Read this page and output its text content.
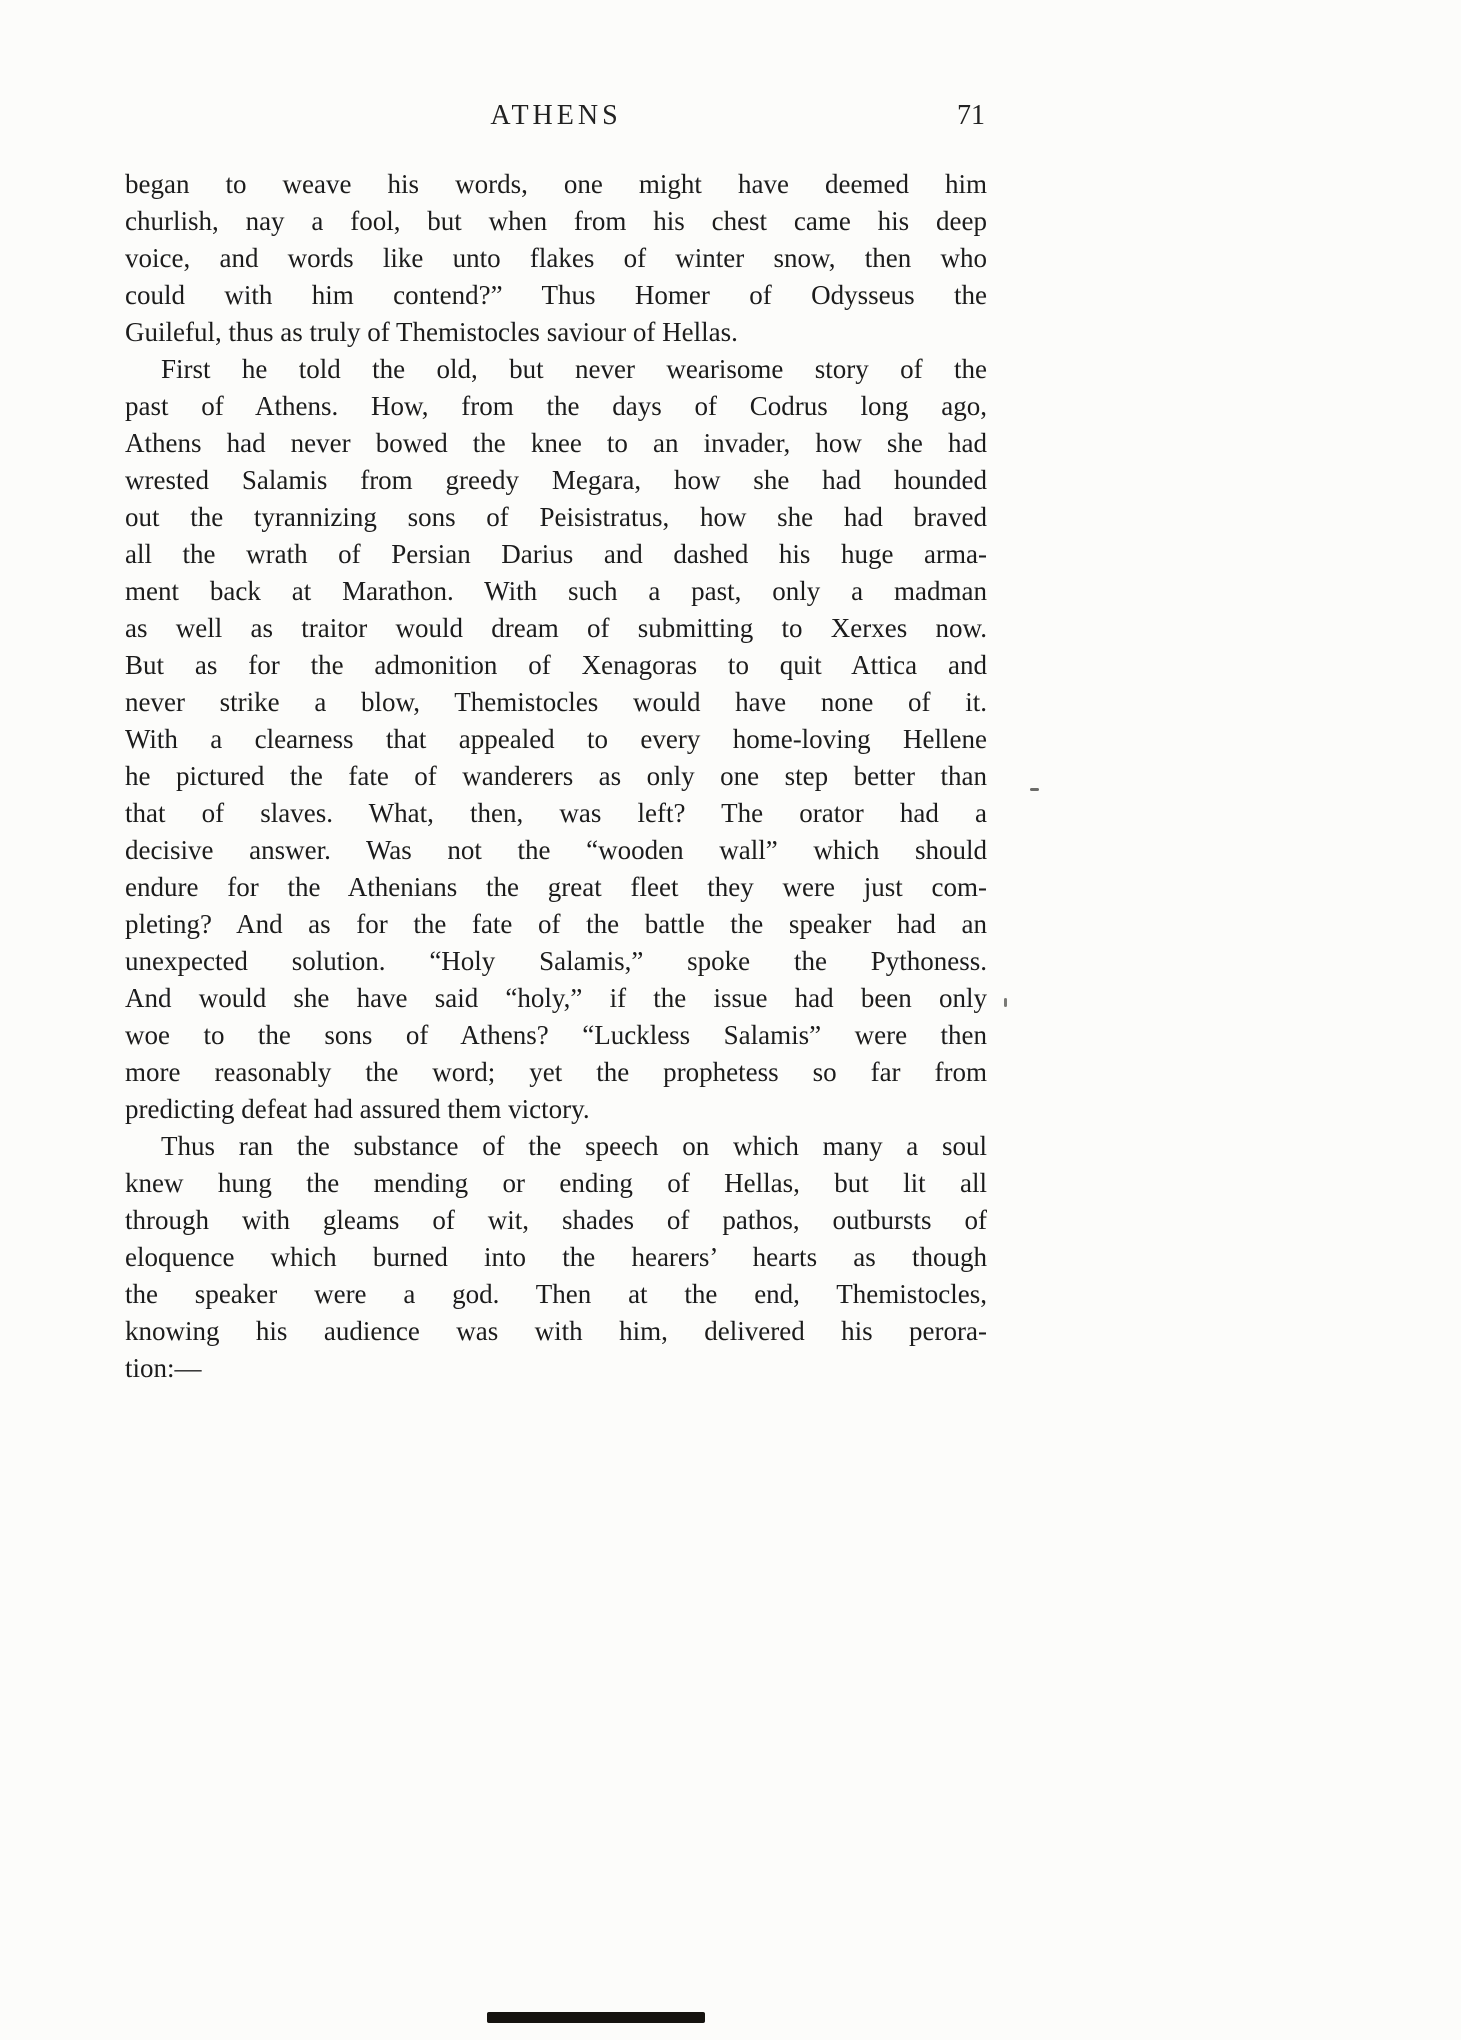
ATHENS	71
began to weave his words, one might have deemed him
churlish, nay a fool, but when from his chest came his deep
voice, and words like unto flakes of winter snow, then who
could with him contend?” Thus Homer of Odysseus the
Guileful, thus as truly of Themistocles saviour of Hellas.
First he told the old, but never wearisome story of the
past of Athens. How, from the days of Codrus long ago,
Athens had never bowed the knee to an invader, how she had
wrested Salamis from greedy Megara, how she had hounded
out the tyrannizing sons of Peisistratus, how she had braved
all the wrath of Persian Darius and dashed his huge arma-
ment back at Marathon. With such a past, only a madman
as well as traitor would dream of submitting to Xerxes now.
But as for the admonition of Xenagoras to quit Attica and
never strike a blow, Themistocles would have none of it.
With a clearness that appealed to every home-loving Hellene
he pictured the fate of wanderers as only one step better than
that of slaves. What, then, was left? The orator had a
decisive answer. Was not the “wooden wall” which should
endure for the Athenians the great fleet they were just com-
pleting? And as for the fate of the battle the speaker had an
unexpected solution. “Holy Salamis,” spoke the Pythoness.
And would she have said “holy,” if the issue had been only
woe to the sons of Athens? “Luckless Salamis” were then
more reasonably the word; yet the prophetess so far from
predicting defeat had assured them victory.
Thus ran the substance of the speech on which many a soul
knew hung the mending or ending of Hellas, but lit all
through with gleams of wit, shades of pathos, outbursts of
eloquence which burned into the hearers’ hearts as though
the speaker were a god. Then at the end, Themistocles,
knowing his audience was with him, delivered his perora-
tion:—
